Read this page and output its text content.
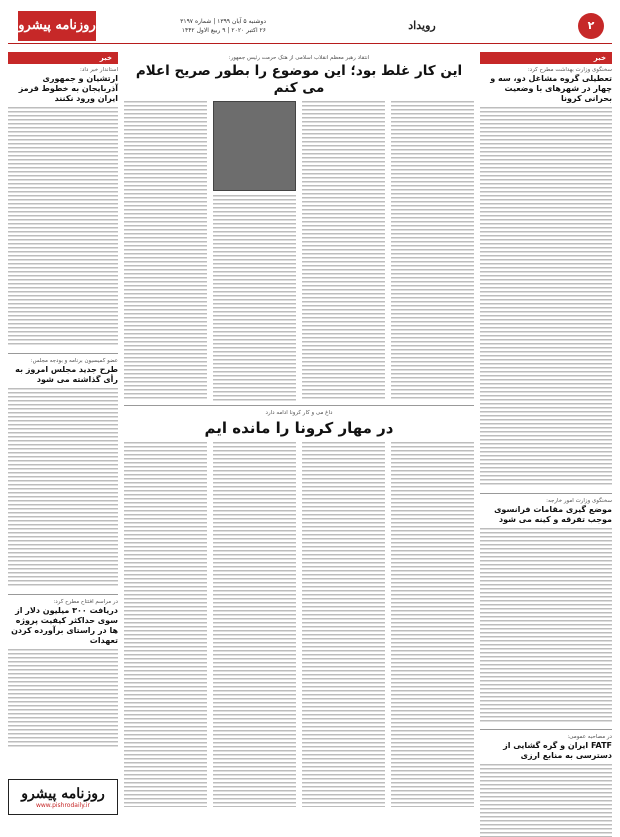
۲
رویداد
دوشنبه ۵ آبان ۱۳۹۹ | شماره ۳۱۹۷
۲۶ اکتبر ۲۰۲۰ | ۹ ربیع الاول ۱۴۴۲
روزنامه پیشرو
خبر
سخنگوی وزارت بهداشت مطرح کرد:
تعطیلی گروه مشاغل دو، سه و چهار در شهرهای با وضعیت بحرانی کرونا
سخنگوی وزارت امور خارجه:
موضع گیری مقامات فرانسوی موجب تفرقه و کینه می شود
در مصاحبه عمومی:
FATF ایران و گره گشایی از دسترسی به منابع ارزی
انتقاد رهبر معظم انقلاب اسلامی از هتک حرمت رئیس جمهور:
این کار غلط بود؛ این موضوع را بطور صریح اعلام می کنم
داغ می و کار کرونا ادامه دارد
در مهار کرونا را مانده ایم
خبر
استاندار خبر داد:
ارتشیان و جمهوری آذربایجان به خطوط قرمز ایران ورود نکنند
عضو کمیسیون برنامه و بودجه مجلس:
طرح جدید مجلس امروز به رأی گذاشته می شود
در مراسم افتتاح مطرح کرد:
دریافت ۳۰۰ میلیون دلار از سوی حداکثر کیفیت پروژه ها در راستای برآورده کردن تعهدات
روزنامه پیشرو
www.pishrodaily.ir
